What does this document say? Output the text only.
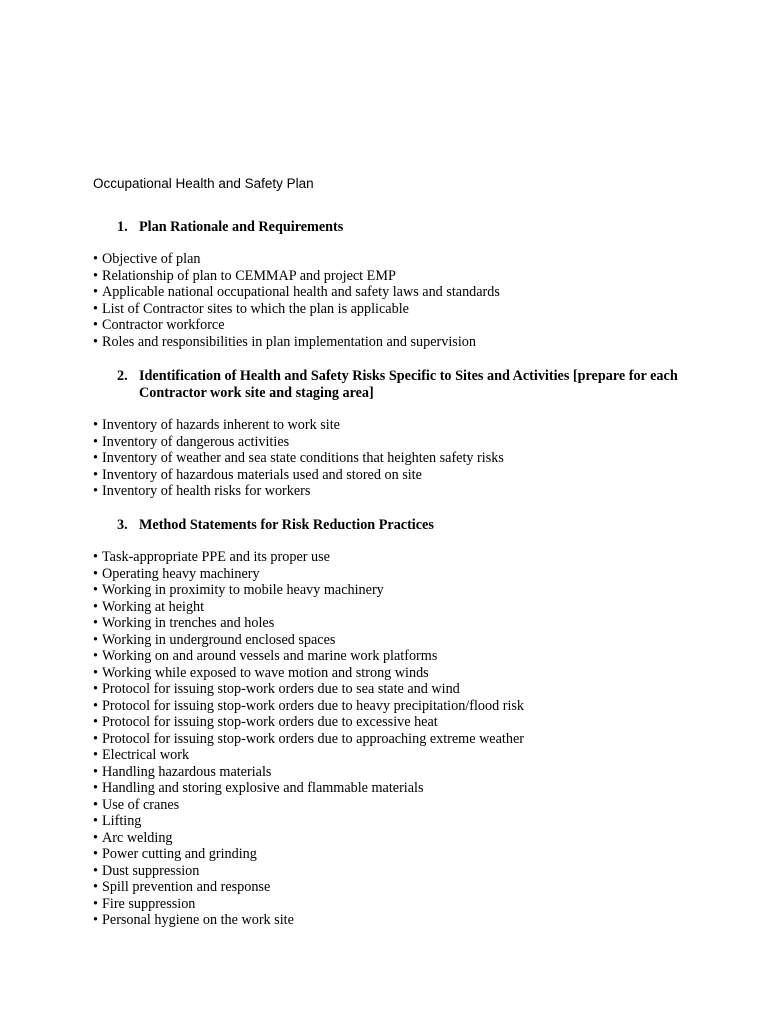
Occupational Health and Safety Plan
1. Plan Rationale and Requirements
• Objective of plan
• Relationship of plan to CEMMAP and project EMP
• Applicable national occupational health and safety laws and standards
• List of Contractor sites to which the plan is applicable
• Contractor workforce
• Roles and responsibilities in plan implementation and supervision
2. Identification of Health and Safety Risks Specific to Sites and Activities [prepare for each Contractor work site and staging area]
• Inventory of hazards inherent to work site
• Inventory of dangerous activities
• Inventory of weather and sea state conditions that heighten safety risks
• Inventory of hazardous materials used and stored on site
• Inventory of health risks for workers
3. Method Statements for Risk Reduction Practices
• Task-appropriate PPE and its proper use
• Operating heavy machinery
• Working in proximity to mobile heavy machinery
• Working at height
• Working in trenches and holes
• Working in underground enclosed spaces
• Working on and around vessels and marine work platforms
• Working while exposed to wave motion and strong winds
• Protocol for issuing stop-work orders due to sea state and wind
• Protocol for issuing stop-work orders due to heavy precipitation/flood risk
• Protocol for issuing stop-work orders due to excessive heat
• Protocol for issuing stop-work orders due to approaching extreme weather
• Electrical work
• Handling hazardous materials
• Handling and storing explosive and flammable materials
• Use of cranes
• Lifting
• Arc welding
• Power cutting and grinding
• Dust suppression
• Spill prevention and response
• Fire suppression
• Personal hygiene on the work site
